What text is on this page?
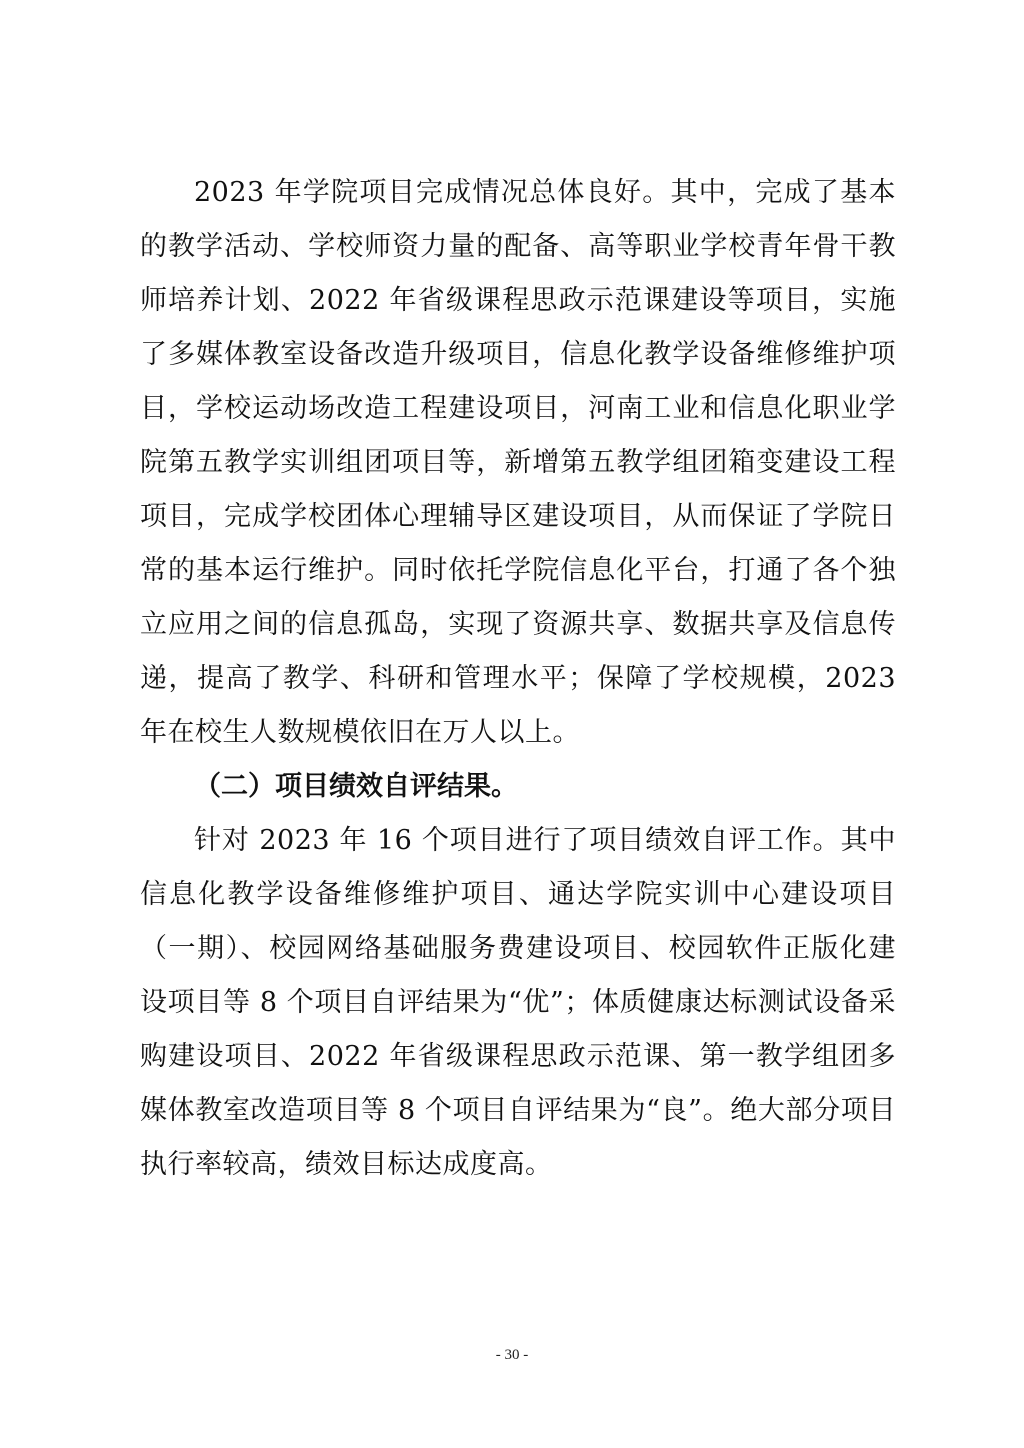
2023 年学院项目完成情况总体良好。其中，完成了基本的教学活动、学校师资力量的配备、高等职业学校青年骨干教师培养计划、2022 年省级课程思政示范课建设等项目，实施了多媒体教室设备改造升级项目，信息化教学设备维修维护项目，学校运动场改造工程建设项目，河南工业和信息化职业学院第五教学实训组团项目等，新增第五教学组团箱变建设工程项目，完成学校团体心理辅导区建设项目，从而保证了学院日常的基本运行维护。同时依托学院信息化平台，打通了各个独立应用之间的信息孤岛，实现了资源共享、数据共享及信息传递，提高了教学、科研和管理水平；保障了学校规模，2023 年在校生人数规模依旧在万人以上。

（二）项目绩效自评结果。

针对 2023 年 16 个项目进行了项目绩效自评工作。其中信息化教学设备维修维护项目、通达学院实训中心建设项目（一期）、校园网络基础服务费建设项目、校园软件正版化建设项目等 8 个项目自评结果为“优”；体质健康达标测试设备采购建设项目、2022 年省级课程思政示范课、第一教学组团多媒体教室改造项目等 8 个项目自评结果为“良”。绝大部分项目执行率较高，绩效目标达成度高。

- 30 -
